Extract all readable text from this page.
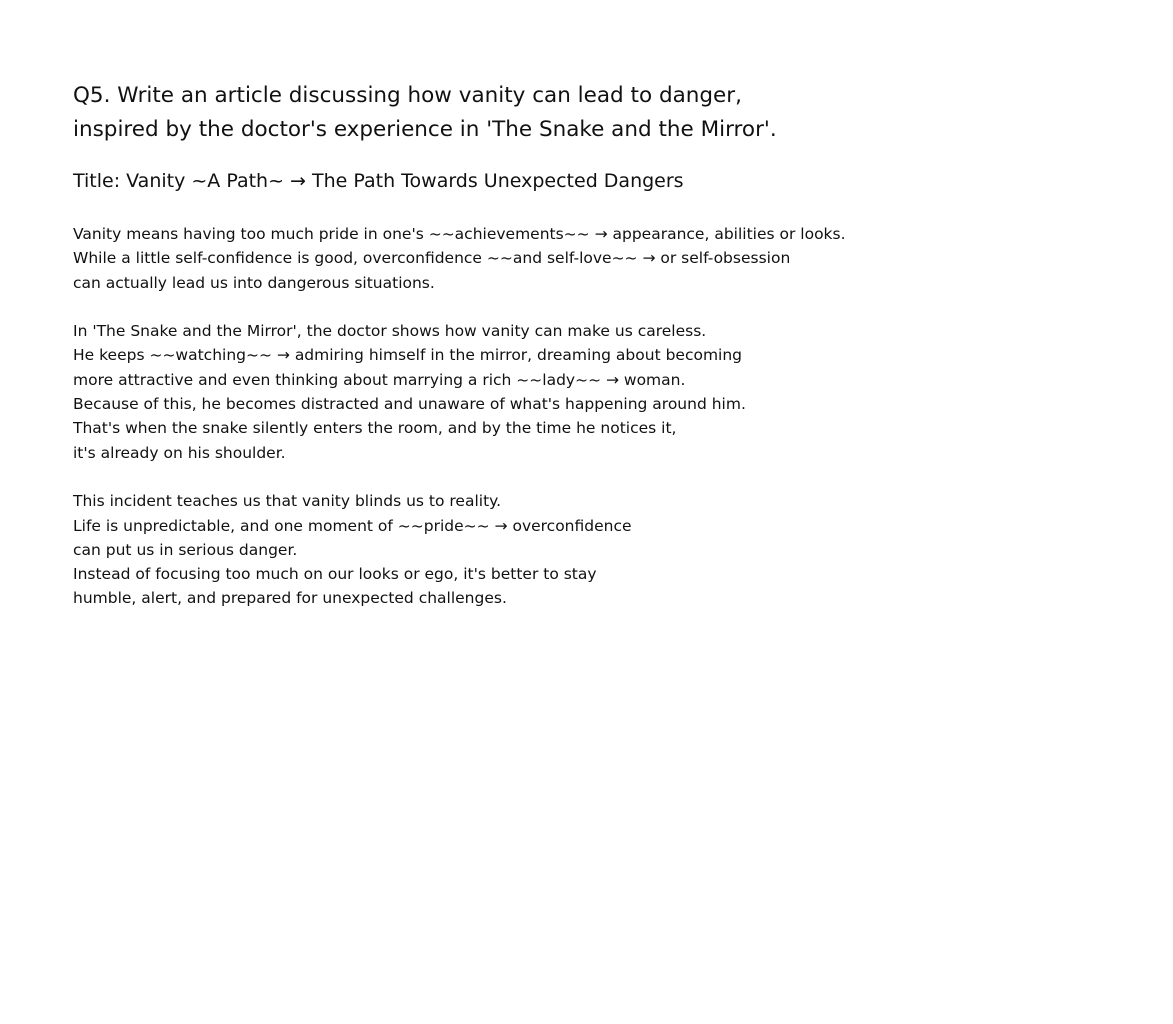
Q5. Write an article discussing how vanity can lead to danger,
inspired by the doctor's experience in 'The Snake and the Mirror'.
Title: Vanity ~A Path~ → The Path Towards Unexpected Dangers
Vanity means having too much pride in one's ~~achievements~~ → appearance, abilities or looks.
While a little self-confidence is good, overconfidence ~~and self-love~~ → or self-obsession
can actually lead us into dangerous situations.
In 'The Snake and the Mirror', the doctor shows how vanity can make us careless.
He keeps ~~watching~~ → admiring himself in the mirror, dreaming about becoming
more attractive and even thinking about marrying a rich ~~lady~~ → woman.
Because of this, he becomes distracted and unaware of what's happening around him.
That's when the snake silently enters the room, and by the time he notices it,
it's already on his shoulder.
This incident teaches us that vanity blinds us to reality.
Life is unpredictable, and one moment of ~~pride~~ → overconfidence
can put us in serious danger.
Instead of focusing too much on our looks or ego, it's better to stay
humble, alert, and prepared for unexpected challenges.
